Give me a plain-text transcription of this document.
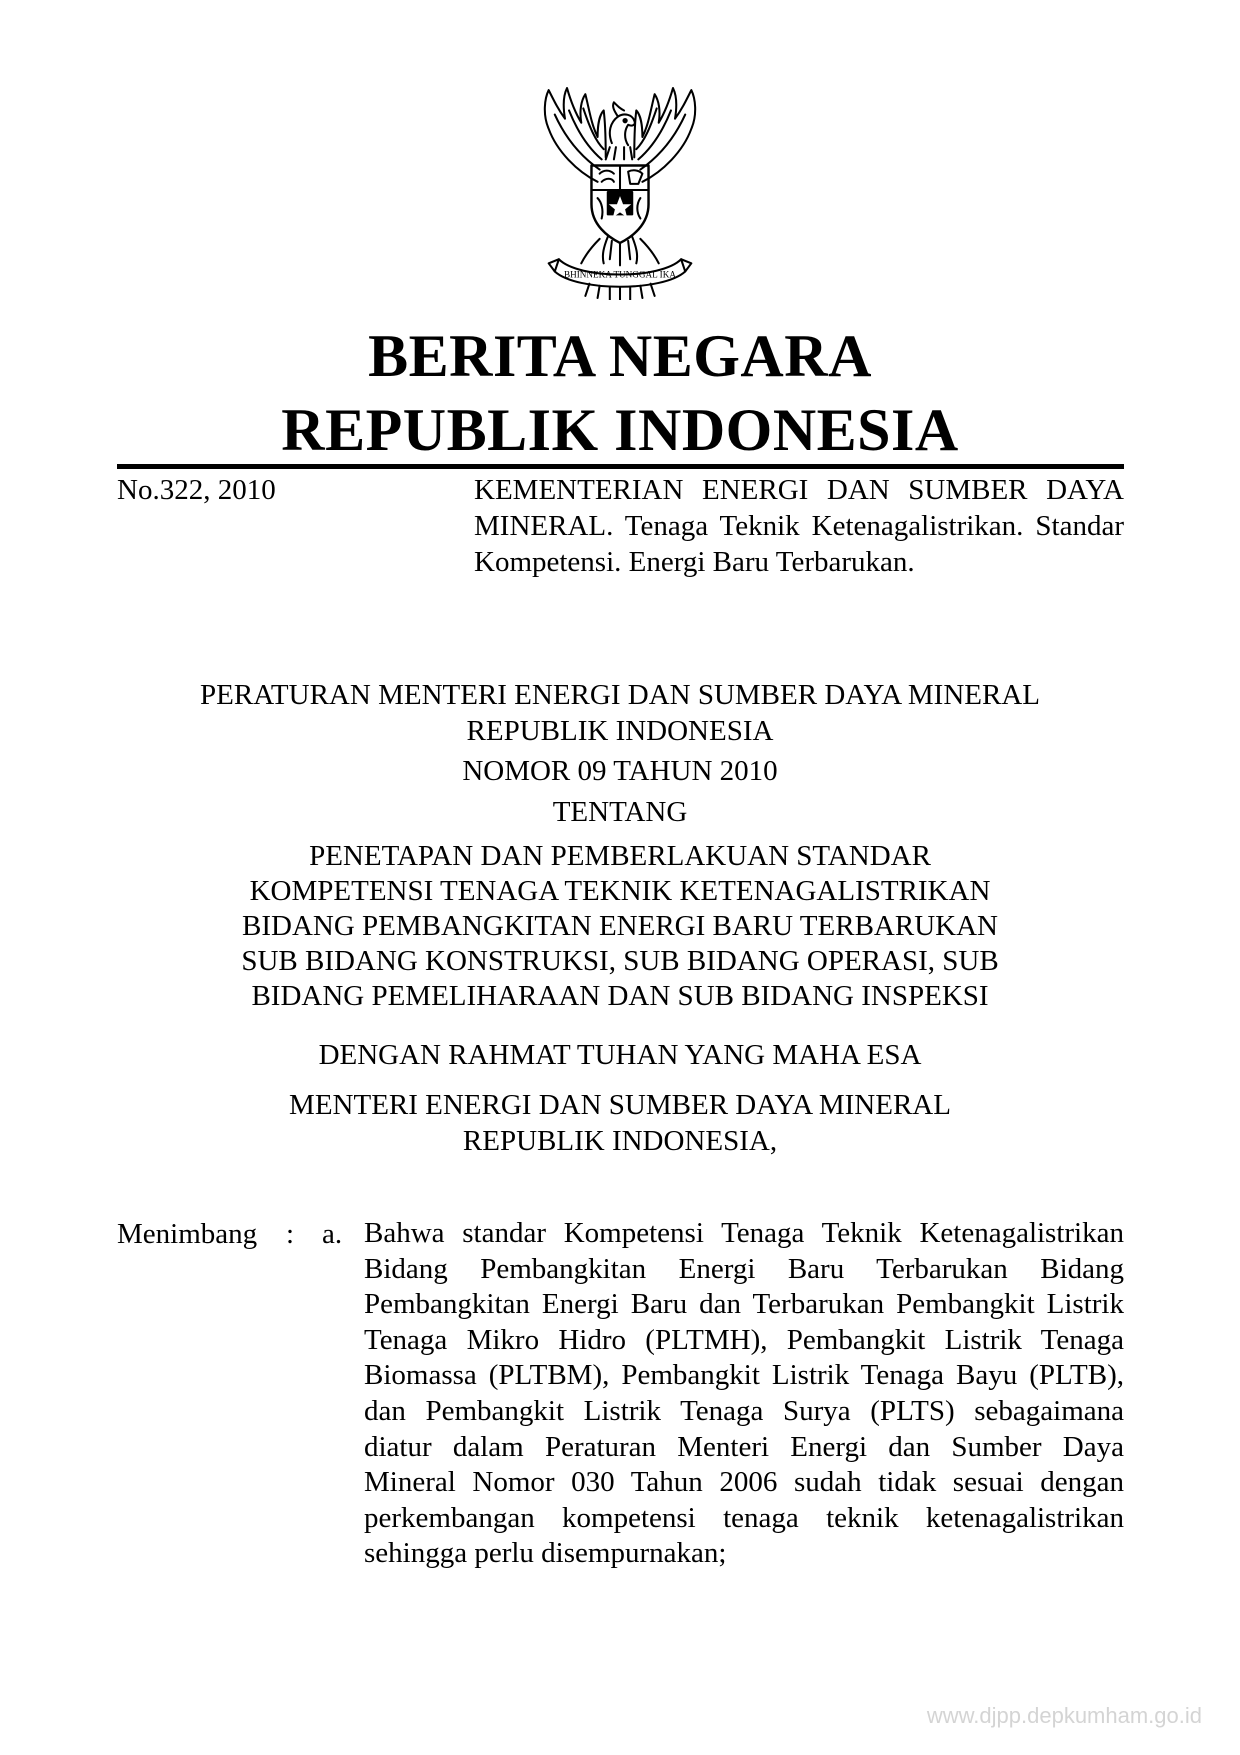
BHINNEKA TUNGGAL IKA
BERITA NEGARA
REPUBLIK INDONESIA
No.322, 2010	KEMENTERIAN ENERGI DAN SUMBER DAYA MINERAL. Tenaga Teknik Ketenagalistrikan. Standar Kompetensi. Energi Baru Terbarukan.
PERATURAN MENTERI ENERGI DAN SUMBER DAYA MINERAL
REPUBLIK INDONESIA
NOMOR 09 TAHUN 2010
TENTANG
PENETAPAN DAN PEMBERLAKUAN STANDAR
KOMPETENSI TENAGA TEKNIK KETENAGALISTRIKAN
BIDANG PEMBANGKITAN ENERGI BARU TERBARUKAN
SUB BIDANG KONSTRUKSI, SUB BIDANG OPERASI, SUB
BIDANG PEMELIHARAAN DAN SUB BIDANG INSPEKSI
DENGAN RAHMAT TUHAN YANG MAHA ESA
MENTERI ENERGI DAN SUMBER DAYA MINERAL
REPUBLIK INDONESIA,
Menimbang : a. Bahwa standar Kompetensi Tenaga Teknik Ketenagalistrikan Bidang Pembangkitan Energi Baru Terbarukan Bidang Pembangkitan Energi Baru dan Terbarukan Pembangkit Listrik Tenaga Mikro Hidro (PLTMH), Pembangkit Listrik Tenaga Biomassa (PLTBM), Pembangkit Listrik Tenaga Bayu (PLTB), dan Pembangkit Listrik Tenaga Surya (PLTS) sebagaimana diatur dalam Peraturan Menteri Energi dan Sumber Daya Mineral Nomor 030 Tahun 2006 sudah tidak sesuai dengan perkembangan kompetensi tenaga teknik ketenagalistrikan sehingga perlu disempurnakan;
www.djpp.depkumham.go.id
